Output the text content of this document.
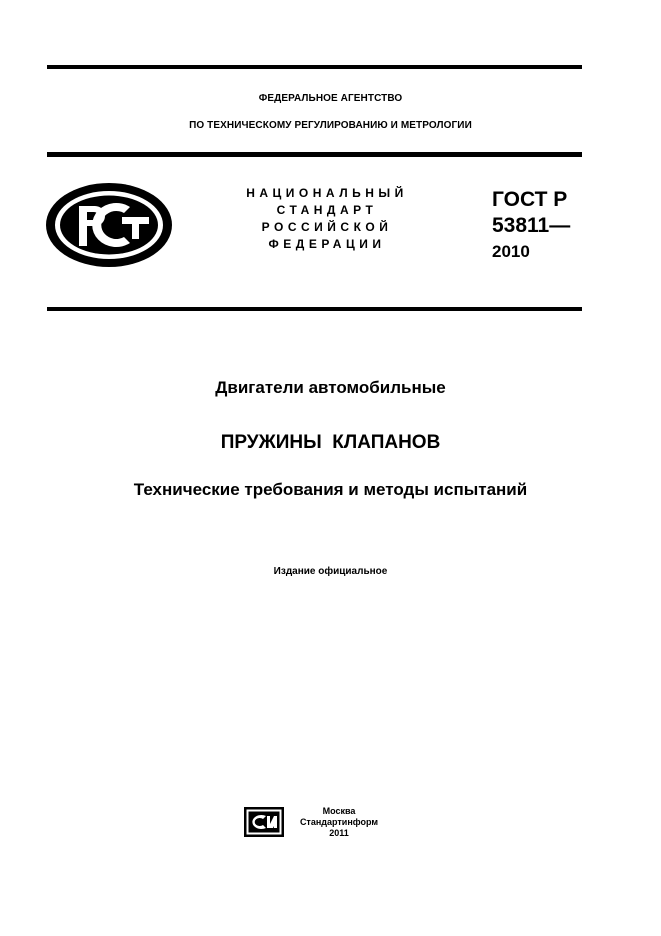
ФЕДЕРАЛЬНОЕ АГЕНТСТВО
ПО ТЕХНИЧЕСКОМУ РЕГУЛИРОВАНИЮ И МЕТРОЛОГИИ
НАЦИОНАЛЬНЫЙ
СТАНДАРТ
РОССИЙСКОЙ
ФЕДЕРАЦИИ
ГОСТ Р
53811—
2010
Двигатели автомобильные
ПРУЖИНЫ  КЛАПАНОВ
Технические требования и методы испытаний
Издание официальное
Москва
Стандартинформ
2011
